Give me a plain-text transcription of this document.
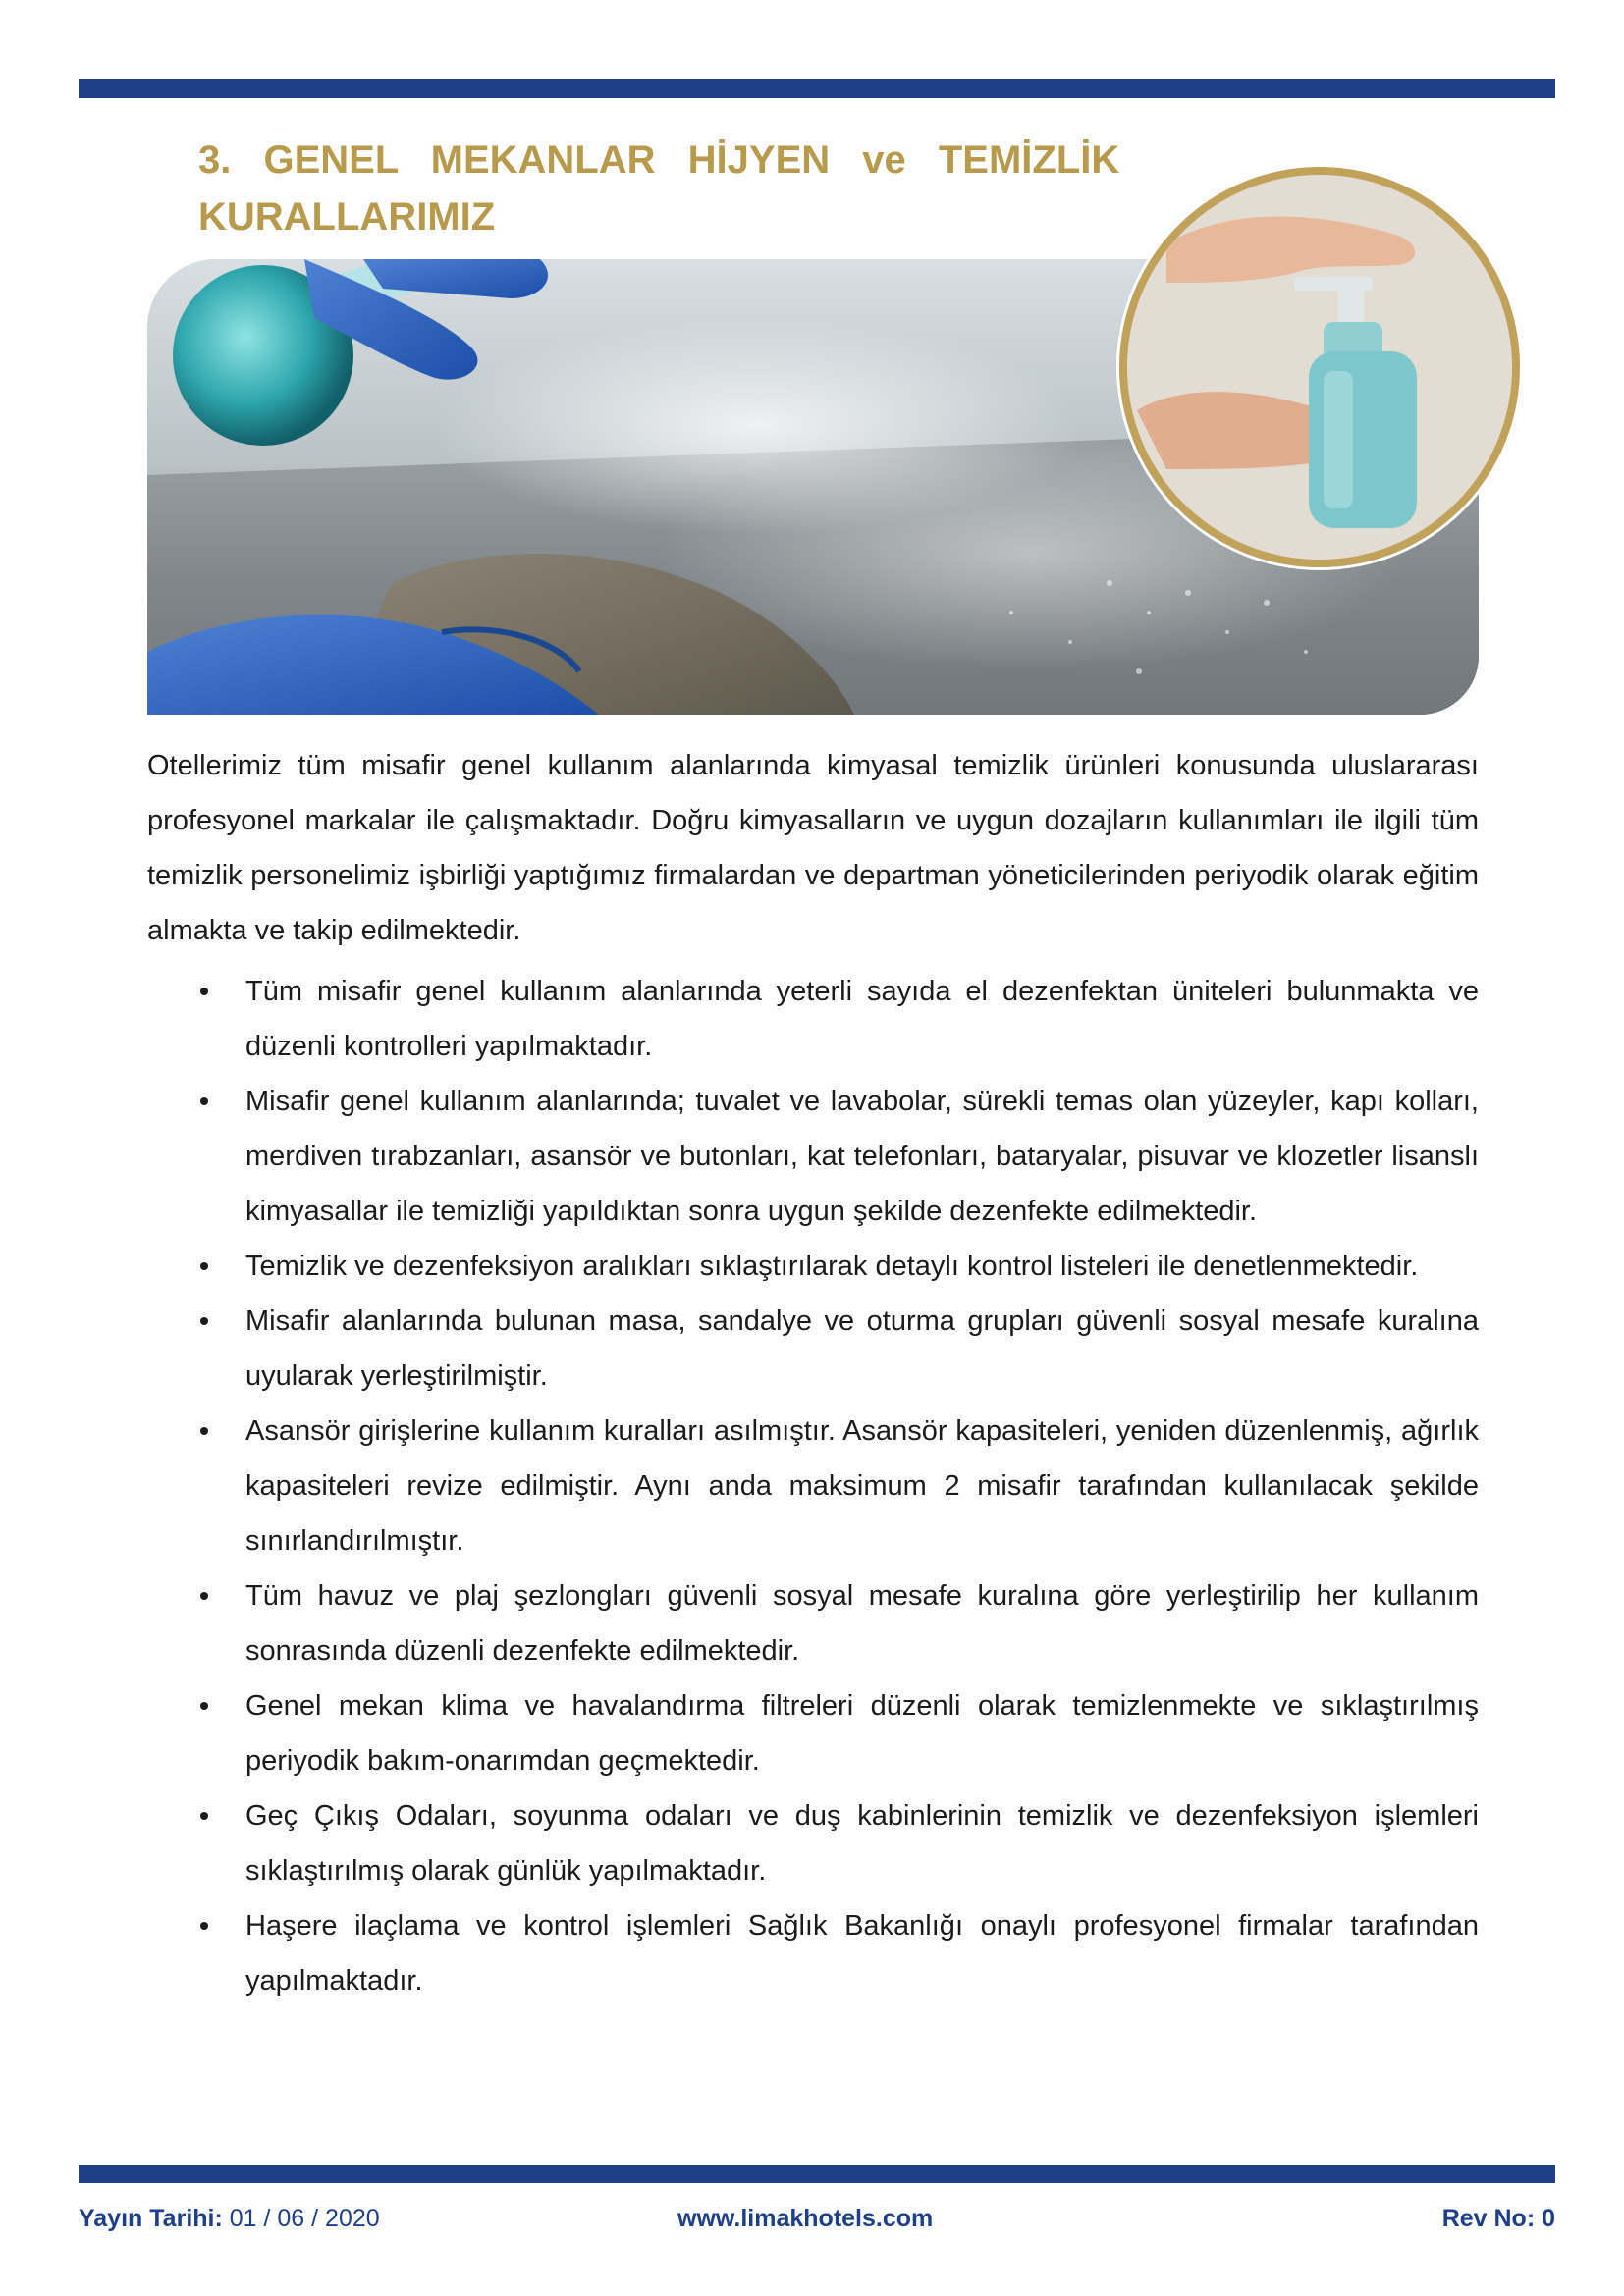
3. GENEL MEKANLAR HİJYEN ve TEMİZLİK
KURALLARIMIZ

Otellerimiz tüm misafir genel kullanım alanlarında kimyasal temizlik ürünleri konusunda uluslararası profesyonel markalar ile çalışmaktadır. Doğru kimyasalların ve uygun dozajların kullanımları ile ilgili tüm temizlik personelimiz işbirliği yaptığımız firmalardan ve departman yöneticilerinden periyodik olarak eğitim almakta ve takip edilmektedir.

Tüm misafir genel kullanım alanlarında yeterli sayıda el dezenfektan üniteleri bulunmakta ve düzenli kontrolleri yapılmaktadır.
Misafir genel kullanım alanlarında; tuvalet ve lavabolar, sürekli temas olan yüzeyler, kapı kolları, merdiven tırabzanları, asansör ve butonları, kat telefonları, bataryalar, pisuvar ve klozetler lisanslı kimyasallar ile temizliği yapıldıktan sonra uygun şekilde dezenfekte edilmektedir.
Temizlik ve dezenfeksiyon aralıkları sıklaştırılarak detaylı kontrol listeleri ile denetlenmektedir.
Misafir alanlarında bulunan masa, sandalye ve oturma grupları güvenli sosyal mesafe kuralına uyularak yerleştirilmiştir.
Asansör girişlerine kullanım kuralları asılmıştır. Asansör kapasiteleri, yeniden düzenlenmiş, ağırlık kapasiteleri revize edilmiştir. Aynı anda maksimum 2 misafir tarafından kullanılacak şekilde sınırlandırılmıştır.
Tüm havuz ve plaj şezlongları güvenli sosyal mesafe kuralına göre yerleştirilip her kullanım sonrasında düzenli dezenfekte edilmektedir.
Genel mekan klima ve havalandırma filtreleri düzenli olarak temizlenmekte ve sıklaştırılmış periyodik bakım-onarımdan geçmektedir.
Geç Çıkış Odaları, soyunma odaları ve duş kabinlerinin temizlik ve dezenfeksiyon işlemleri sıklaştırılmış olarak günlük yapılmaktadır.
Haşere ilaçlama ve kontrol işlemleri Sağlık Bakanlığı onaylı profesyonel firmalar tarafından yapılmaktadır.
Yayın Tarihi: 01 / 06 / 2020	www.limakhotels.com	Rev No: 0
